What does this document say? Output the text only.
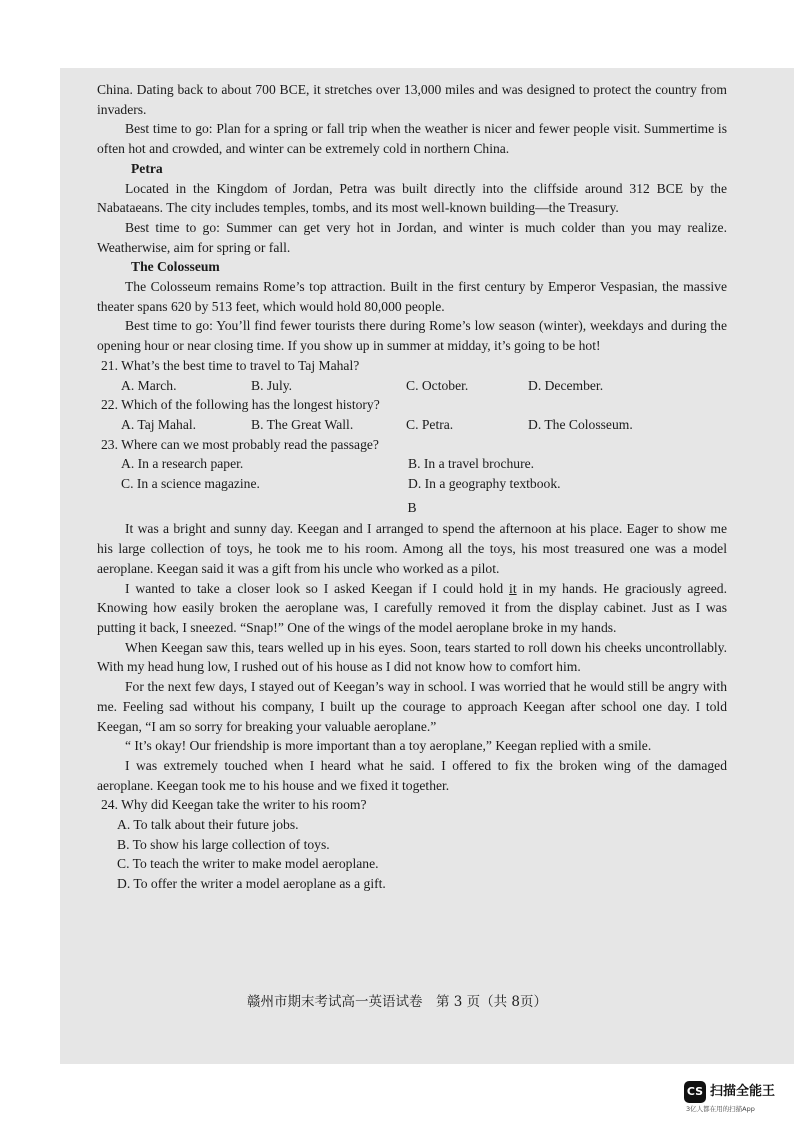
China. Dating back to about 700 BCE, it stretches over 13,000 miles and was designed to protect the country from invaders.

Best time to go: Plan for a spring or fall trip when the weather is nicer and fewer people visit. Summertime is often hot and crowded, and winter can be extremely cold in northern China.

Petra

Located in the Kingdom of Jordan, Petra was built directly into the cliffside around 312 BCE by the Nabataeans. The city includes temples, tombs, and its most well-known building—the Treasury.

Best time to go: Summer can get very hot in Jordan, and winter is much colder than you may realize. Weatherwise, aim for spring or fall.

The Colosseum

The Colosseum remains Rome’s top attraction. Built in the first century by Emperor Vespasian, the massive theater spans 620 by 513 feet, which would hold 80,000 people.

Best time to go: You’ll find fewer tourists there during Rome’s low season (winter), weekdays and during the opening hour or near closing time. If you show up in summer at midday, it’s going to be hot!

21. What’s the best time to travel to Taj Mahal?

A. March.	B. July.	C. October.	D. December.

22. Which of the following has the longest history?

A. Taj Mahal.	B. The Great Wall.	C. Petra.	D. The Colosseum.

23. Where can we most probably read the passage?

A. In a research paper.	B. In a travel brochure.
C. In a science magazine.	D. In a geography textbook.

B

It was a bright and sunny day. Keegan and I arranged to spend the afternoon at his place. Eager to show me his large collection of toys, he took me to his room. Among all the toys, his most treasured one was a model aeroplane. Keegan said it was a gift from his uncle who worked as a pilot.

I wanted to take a closer look so I asked Keegan if I could hold it in my hands. He graciously agreed. Knowing how easily broken the aeroplane was, I carefully removed it from the display cabinet. Just as I was putting it back, I sneezed. “Snap!” One of the wings of the model aeroplane broke in my hands.

When Keegan saw this, tears welled up in his eyes. Soon, tears started to roll down his cheeks uncontrollably. With my head hung low, I rushed out of his house as I did not know how to comfort him.

For the next few days, I stayed out of Keegan’s way in school. I was worried that he would still be angry with me. Feeling sad without his company, I built up the courage to approach Keegan after school one day. I told Keegan, “I am so sorry for breaking your valuable aeroplane.”

“ It’s okay! Our friendship is more important than a toy aeroplane,” Keegan replied with a smile.

I was extremely touched when I heard what he said. I offered to fix the broken wing of the damaged aeroplane. Keegan took me to his house and we fixed it together.

24. Why did Keegan take the writer to his room?

A. To talk about their future jobs.

B. To show his large collection of toys.

C. To teach the writer to make model aeroplane.

D. To offer the writer a model aeroplane as a gift.

赣州市期末考试高一英语试卷　第 3 页（共 8页）
CS 扫描全能王
3亿人都在用的扫描App
